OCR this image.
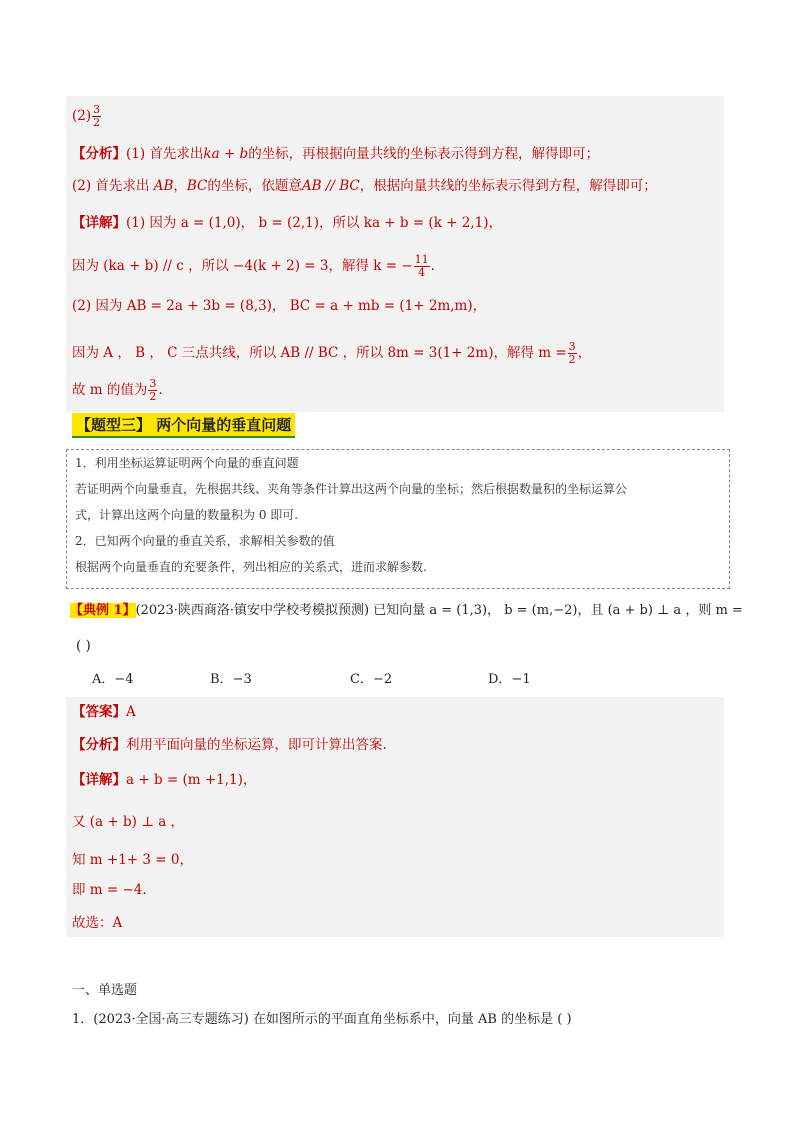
$(2) \frac{3}{2}$
【分析】(1) 首先求出ka + b的坐标，再根据向量共线的坐标表示得到方程，解得即可；
(2) 首先求出 AB，BC的坐标，依题意AB // BC，根据向量共线的坐标表示得到方程，解得即可；
【详解】(1) 因为 a = (1,0)， b = (2,1)，所以 ka + b = (k + 2,1)，
因为 (ka + b) // c ，所以 −4(k + 2) = 3，解得 k = − $\frac{11}{4}$ .
(2) 因为 AB = 2a + 3b = (8,3)， BC = a + mb = (1+ 2m,m)，
因为 A ， B ， C 三点共线，所以 AB // BC ，所以 8m = 3(1+ 2m)，解得 $m = \frac{3}{2}$ ，
故 m 的值为 $\frac{3}{2}$ .
【题型三】 两个向量的垂直问题
1．利用坐标运算证明两个向量的垂直问题
若证明两个向量垂直，先根据共线、夹角等条件计算出这两个向量的坐标；然后根据数量积的坐标运算公
式，计算出这两个向量的数量积为 0 即可.
2．已知两个向量的垂直关系，求解相关参数的值
根据两个向量垂直的充要条件，列出相应的关系式，进而求解参数.
【典例 1】(2023·陕西商洛·镇安中学校考模拟预测) 已知向量 a = (1,3)， b = (m,−2)，且 (a + b) ⊥ a ，则 m =
( )
A．−4	B．−3	C．−2	D．−1
【答案】A
【分析】利用平面向量的坐标运算，即可计算出答案.
【详解】a + b = (m +1,1)，
又 (a + b) ⊥ a ，
知 m +1+ 3 = 0，
即 m = −4.
故选：A
一、单选题
1．(2023·全国·高三专题练习) 在如图所示的平面直角坐标系中，向量 AB 的坐标是 ( )
